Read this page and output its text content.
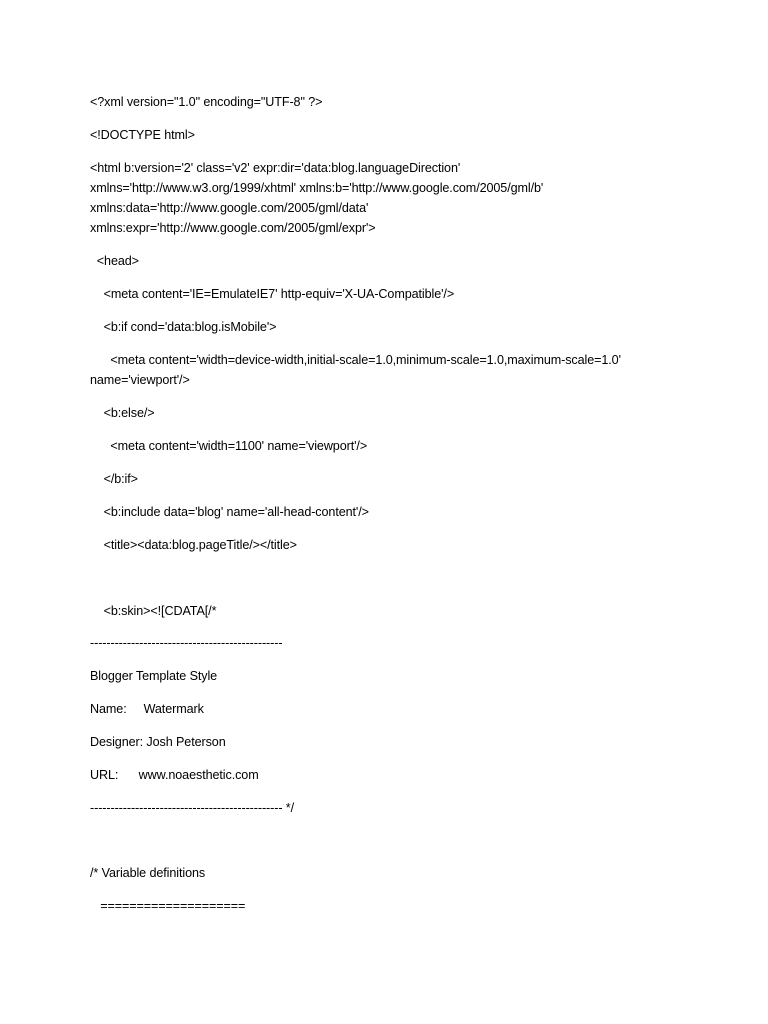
<?xml version="1.0" encoding="UTF-8" ?>
<!DOCTYPE html>
<html b:version='2' class='v2' expr:dir='data:blog.languageDirection'
xmlns='http://www.w3.org/1999/xhtml' xmlns:b='http://www.google.com/2005/gml/b'
xmlns:data='http://www.google.com/2005/gml/data'
xmlns:expr='http://www.google.com/2005/gml/expr'>
<head>
<meta content='IE=EmulateIE7' http-equiv='X-UA-Compatible'/>
<b:if cond='data:blog.isMobile'>
<meta content='width=device-width,initial-scale=1.0,minimum-scale=1.0,maximum-scale=1.0'
name='viewport'/>
<b:else/>
<meta content='width=1100' name='viewport'/>
</b:if>
<b:include data='blog' name='all-head-content'/>
<title><data:blog.pageTitle/></title>
<b:skin><![CDATA[/*
-----------------------------------------------
Blogger Template Style
Name:     Watermark
Designer: Josh Peterson
URL:      www.noaesthetic.com
----------------------------------------------- */
/* Variable definitions
====================
